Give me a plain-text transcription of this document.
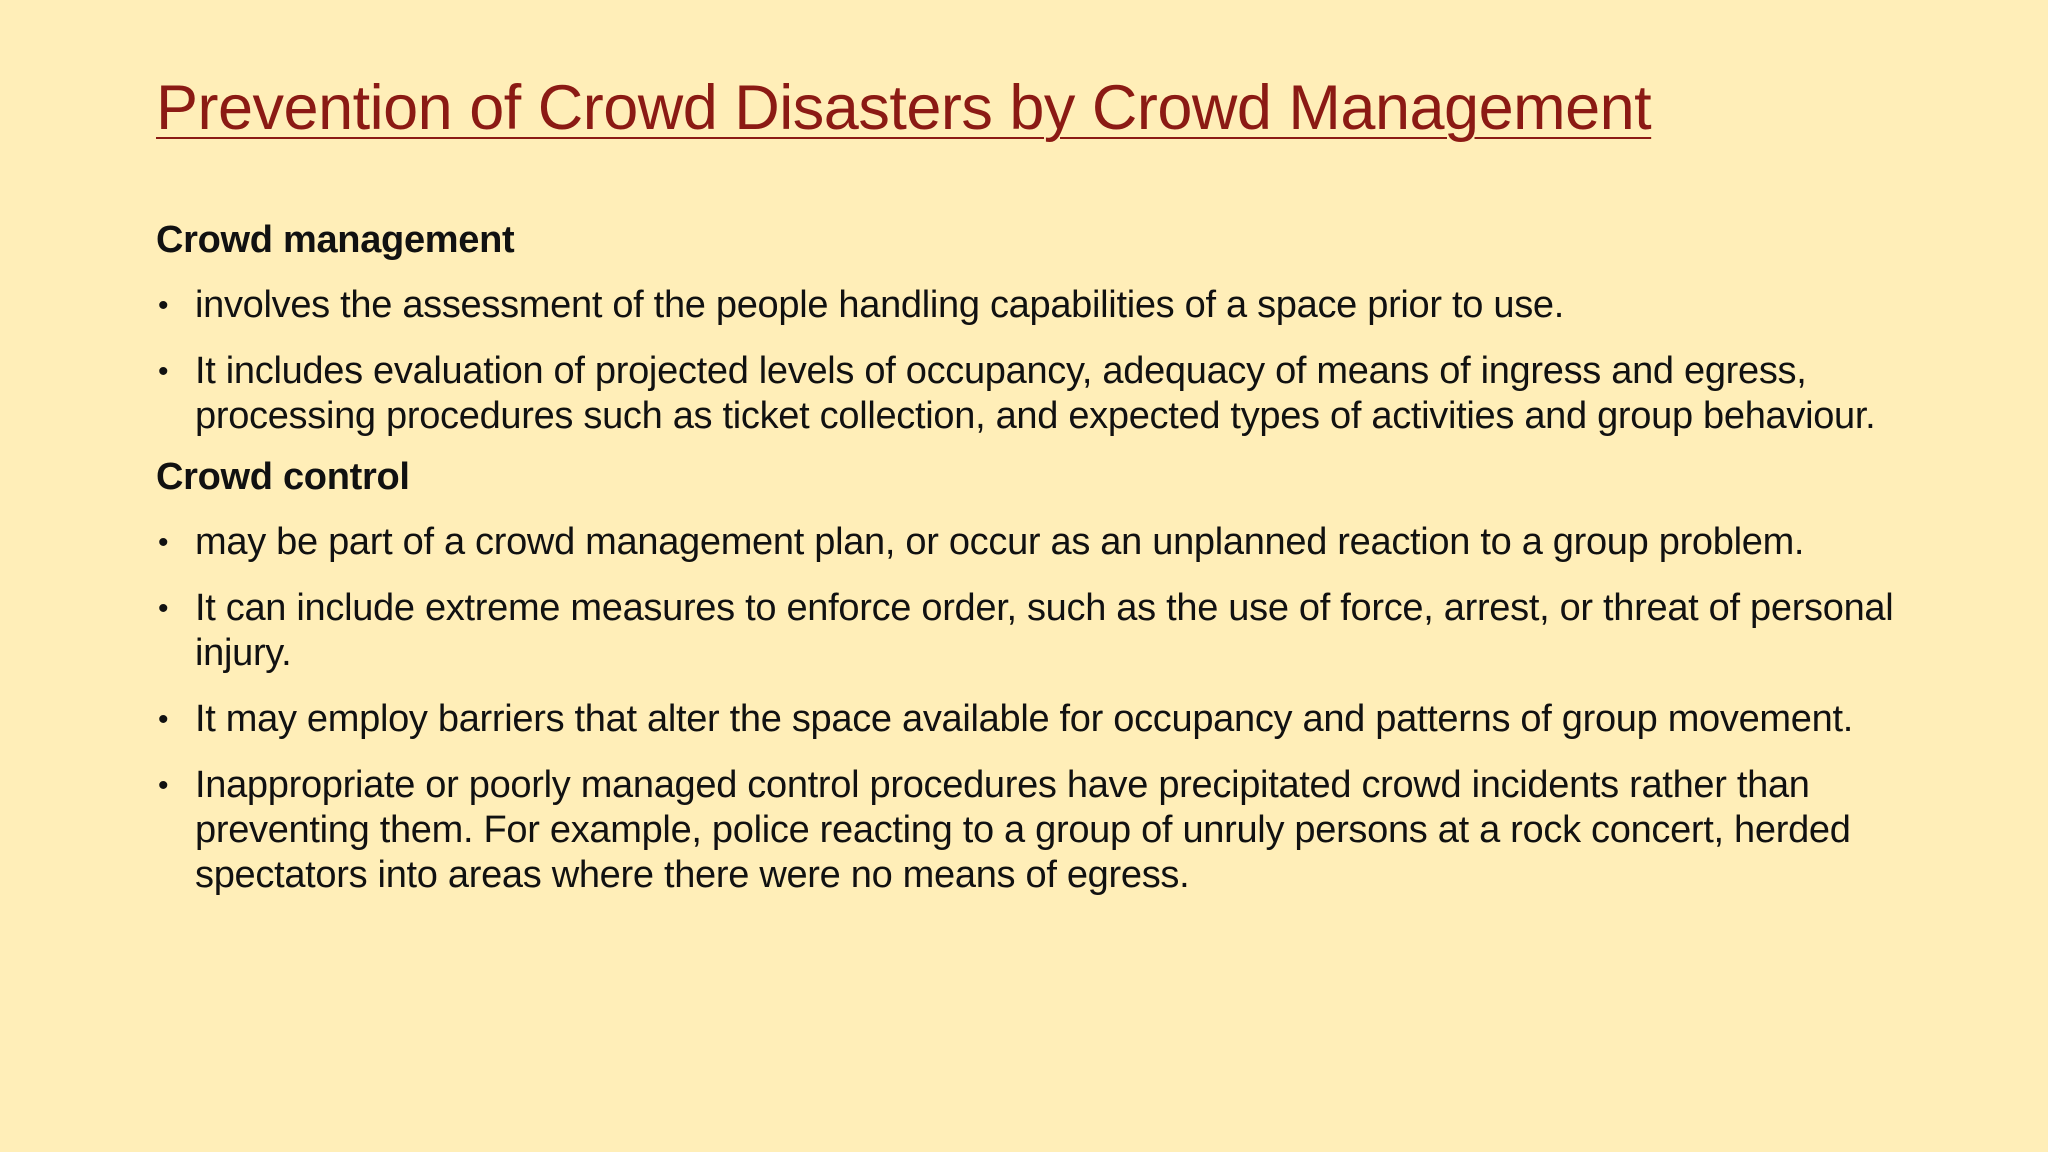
Prevention of Crowd Disasters by Crowd Management
Crowd management
• involves the assessment of the people handling capabilities of a space prior to use.
• It includes evaluation of projected levels of occupancy, adequacy of means of ingress and egress, processing procedures such as ticket collection, and expected types of activities and group behaviour.
Crowd control
• may be part of a crowd management plan, or occur as an unplanned reaction to a group problem.
• It can include extreme measures to enforce order, such as the use of force, arrest, or threat of personal injury.
• It may employ barriers that alter the space available for occupancy and patterns of group movement.
• Inappropriate or poorly managed control procedures have precipitated crowd incidents rather than preventing them. For example, police reacting to a group of unruly persons at a rock concert, herded spectators into areas where there were no means of egress.
